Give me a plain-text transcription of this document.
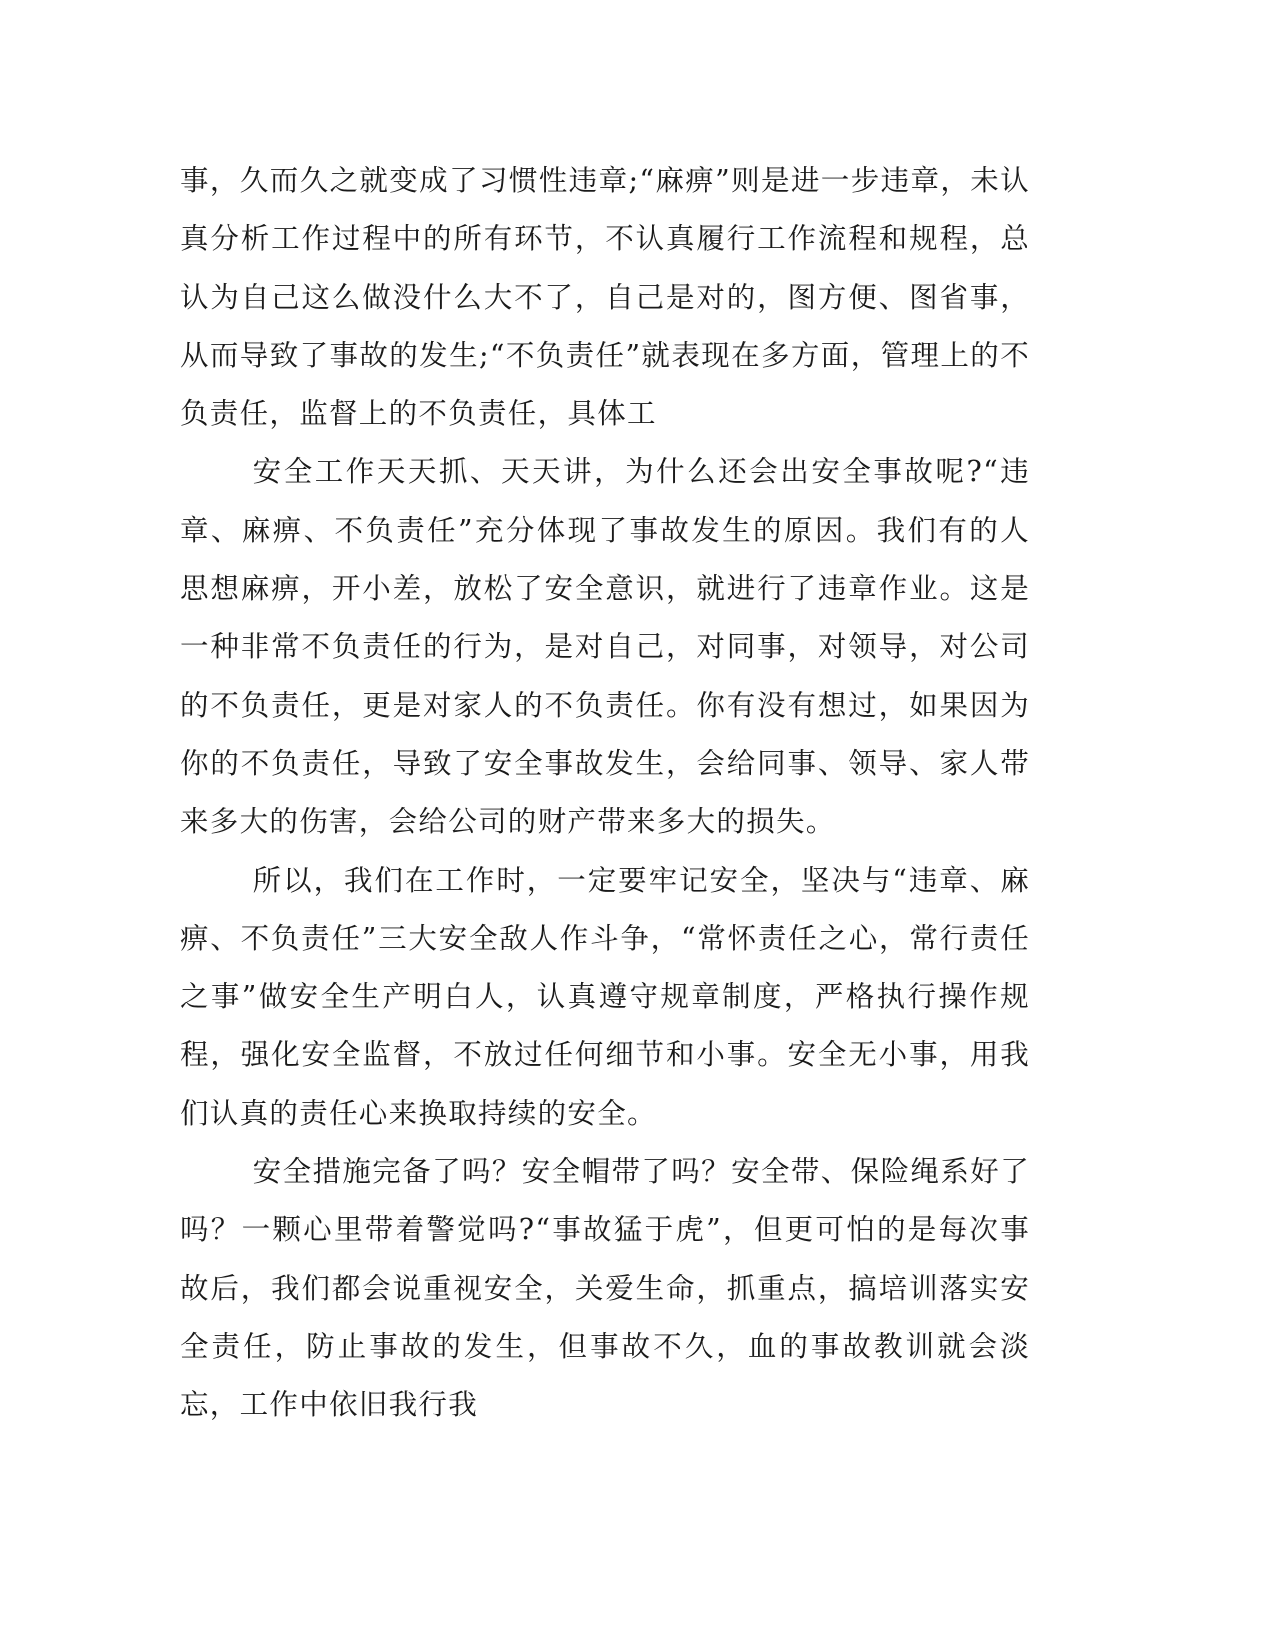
事，久而久之就变成了习惯性违章;“麻痹”则是进一步违章，未认真分析工作过程中的所有环节，不认真履行工作流程和规程，总认为自己这么做没什么大不了，自己是对的，图方便、图省事，从而导致了事故的发生;“不负责任”就表现在多方面，管理上的不负责任，监督上的不负责任，具体工

安全工作天天抓、天天讲，为什么还会出安全事故呢?“违章、麻痹、不负责任”充分体现了事故发生的原因。我们有的人思想麻痹，开小差，放松了安全意识，就进行了违章作业。这是一种非常不负责任的行为，是对自己，对同事，对领导，对公司的不负责任，更是对家人的不负责任。你有没有想过，如果因为你的不负责任，导致了安全事故发生，会给同事、领导、家人带来多大的伤害，会给公司的财产带来多大的损失。

所以，我们在工作时，一定要牢记安全，坚决与“违章、麻痹、不负责任”三大安全敌人作斗争，“常怀责任之心，常行责任之事”做安全生产明白人，认真遵守规章制度，严格执行操作规程，强化安全监督，不放过任何细节和小事。安全无小事，用我们认真的责任心来换取持续的安全。

安全措施完备了吗？安全帽带了吗？安全带、保险绳系好了吗？一颗心里带着警觉吗?“事故猛于虎”，但更可怕的是每次事故后，我们都会说重视安全，关爱生命，抓重点，搞培训落实安全责任，防止事故的发生，但事故不久，血的事故教训就会淡忘，工作中依旧我行我
